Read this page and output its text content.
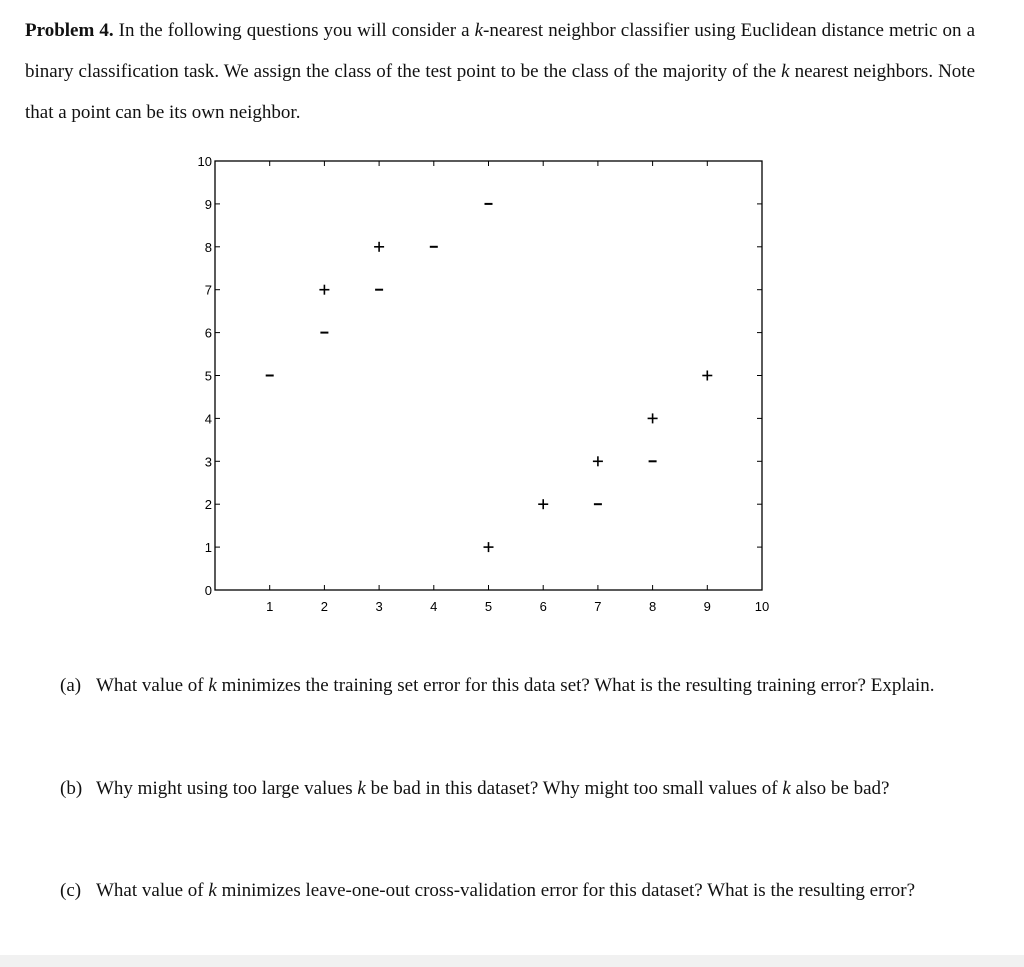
Problem 4. In the following questions you will consider a k-nearest neighbor classifier using Euclidean distance metric on a binary classification task. We assign the class of the test point to be the class of the majority of the k nearest neighbors. Note that a point can be its own neighbor.
1	2	3	4	5	6	7	8	9	10
0
1
2
3
4
5
6
7
8
9
10
(a) What value of k minimizes the training set error for this data set? What is the resulting training error? Explain.
(b) Why might using too large values k be bad in this dataset? Why might too small values of k also be bad?
(c) What value of k minimizes leave-one-out cross-validation error for this dataset? What is the resulting error?
